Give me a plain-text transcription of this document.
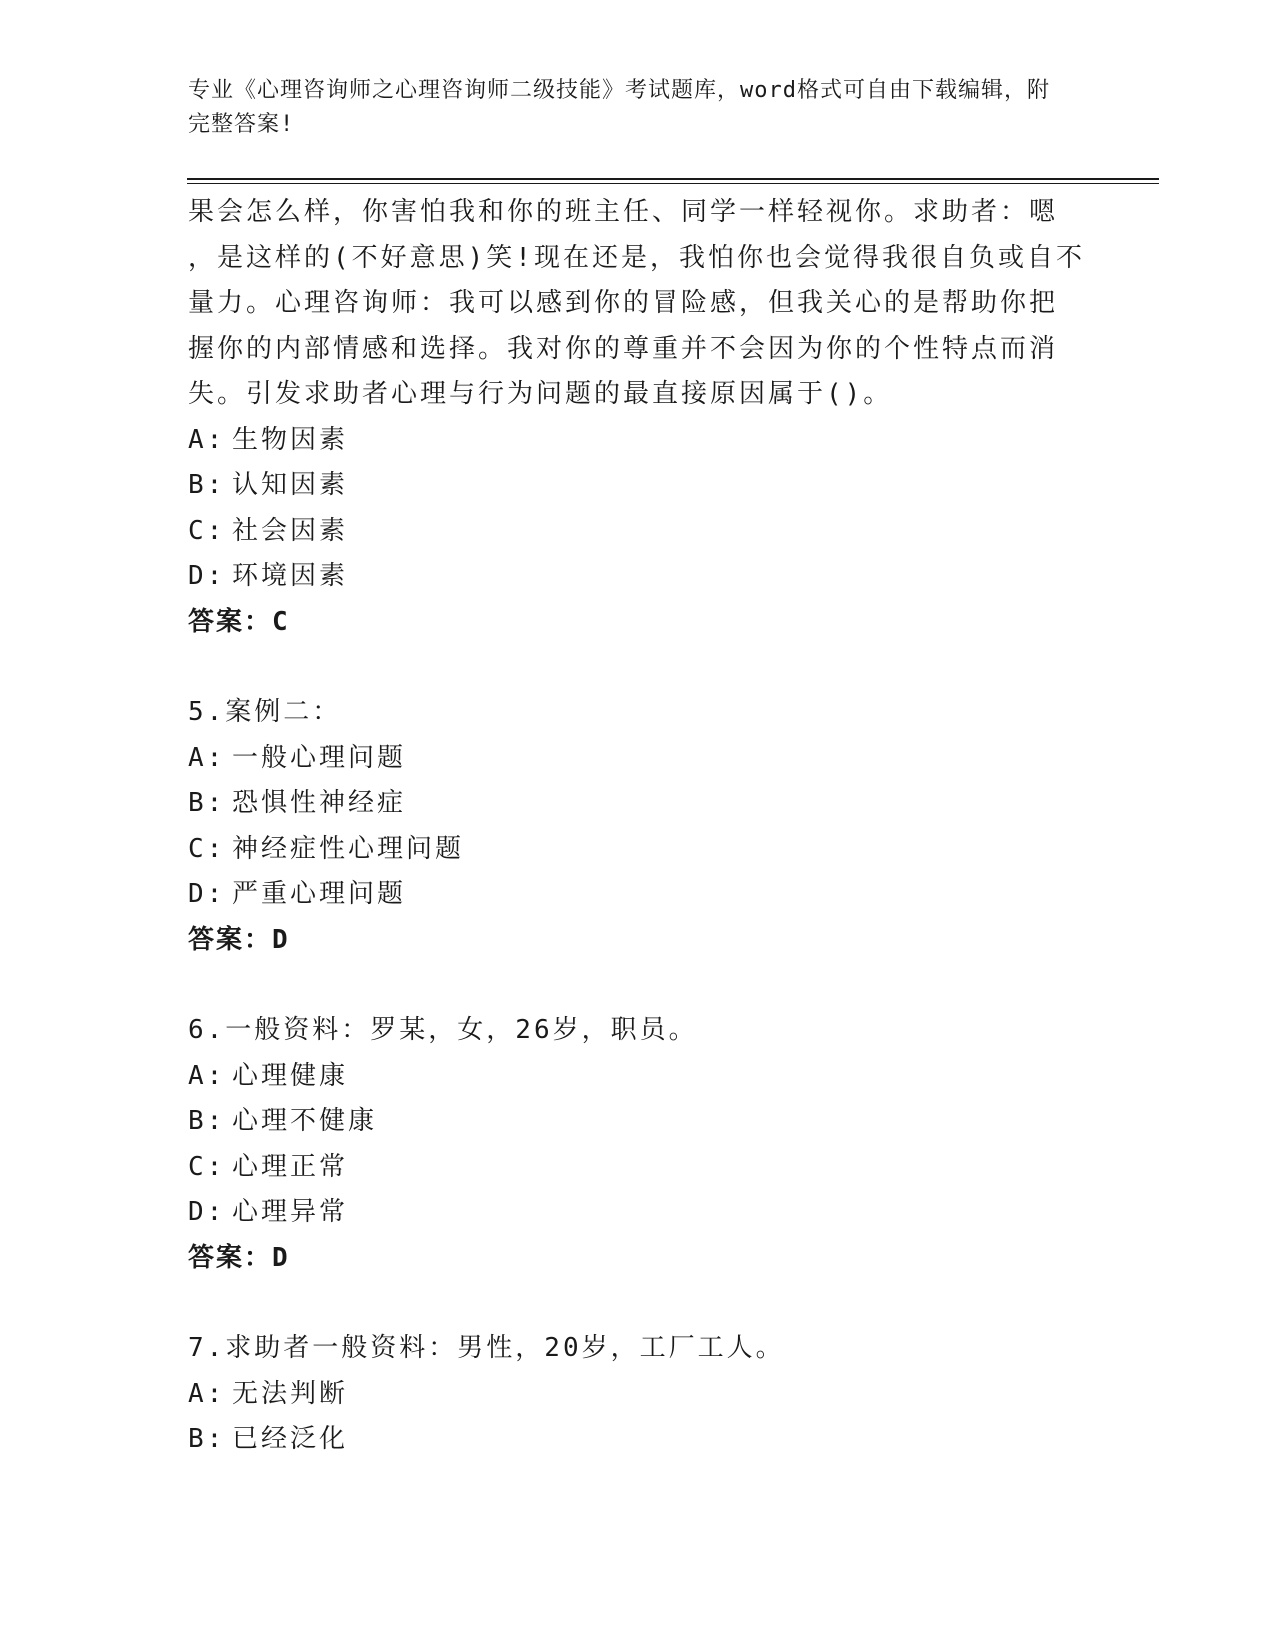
专业《心理咨询师之心理咨询师二级技能》考试题库，word格式可自由下载编辑，附完整答案!

果会怎么样，你害怕我和你的班主任、同学一样轻视你。求助者：嗯

，是这样的(不好意思)笑!现在还是，我怕你也会觉得我很自负或自不

量力。心理咨询师：我可以感到你的冒险感，但我关心的是帮助你把

握你的内部情感和选择。我对你的尊重并不会因为你的个性特点而消

失。引发求助者心理与行为问题的最直接原因属于()。

A: 生物因素

B: 认知因素

C: 社会因素

D: 环境因素

答案：C

5.案例二：

A: 一般心理问题

B: 恐惧性神经症

C: 神经症性心理问题

D: 严重心理问题

答案：D

6.一般资料：罗某，女，26岁，职员。

A: 心理健康

B: 心理不健康

C: 心理正常

D: 心理异常

答案：D

7.求助者一般资料：男性，20岁，工厂工人。

A: 无法判断

B: 已经泛化
